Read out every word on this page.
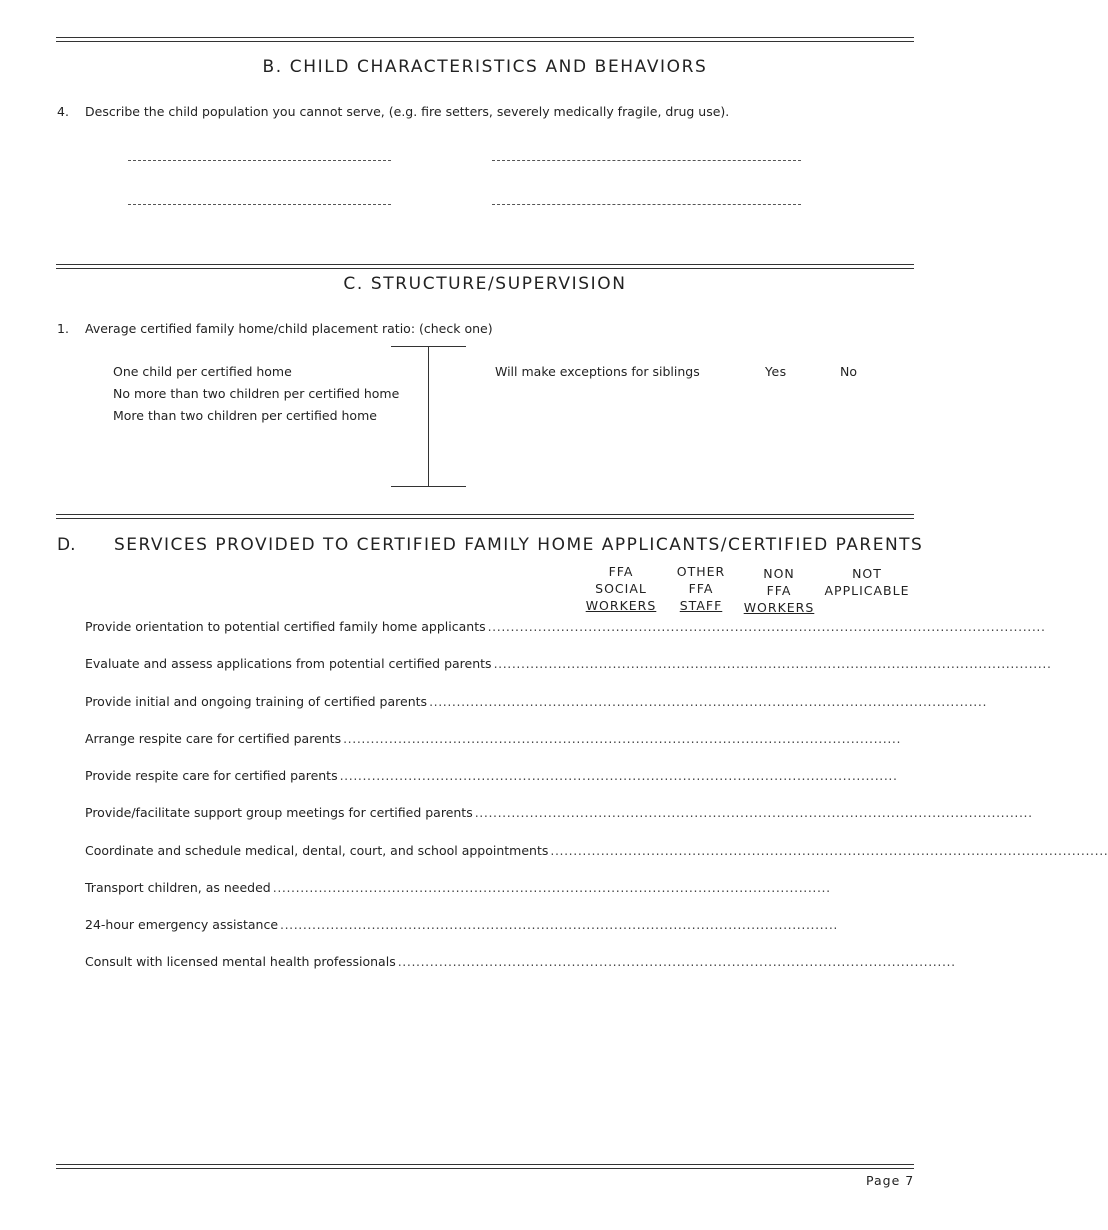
B. CHILD CHARACTERISTICS AND BEHAVIORS
4. Describe the child population you cannot serve, (e.g. fire setters, severely medically fragile, drug use).
C. STRUCTURE/SUPERVISION
1. Average certified family home/child placement ratio: (check one)
One child per certified home
No more than two children per certified home
More than two children per certified home
Will make exceptions for siblings	Yes	No
D. SERVICES PROVIDED TO CERTIFIED FAMILY HOME APPLICANTS/CERTIFIED PARENTS
FFA
SOCIAL
WORKERS
OTHER
FFA
STAFF
NON
FFA
WORKERS
NOT
APPLICABLE
Provide orientation to potential certified family home applicants ..........................................................................................................................
Evaluate and assess applications from potential certified parents ..........................................................................................................................
Provide initial and ongoing training of certified parents ..........................................................................................................................
Arrange respite care for certified parents ..........................................................................................................................
Provide respite care for certified parents ..........................................................................................................................
Provide/facilitate support group meetings for certified parents ..........................................................................................................................
Coordinate and schedule medical, dental, court, and school appointments ..........................................................................................................................
Transport children, as needed ..........................................................................................................................
24-hour emergency assistance ..........................................................................................................................
Consult with licensed mental health professionals ..........................................................................................................................
Page 7
